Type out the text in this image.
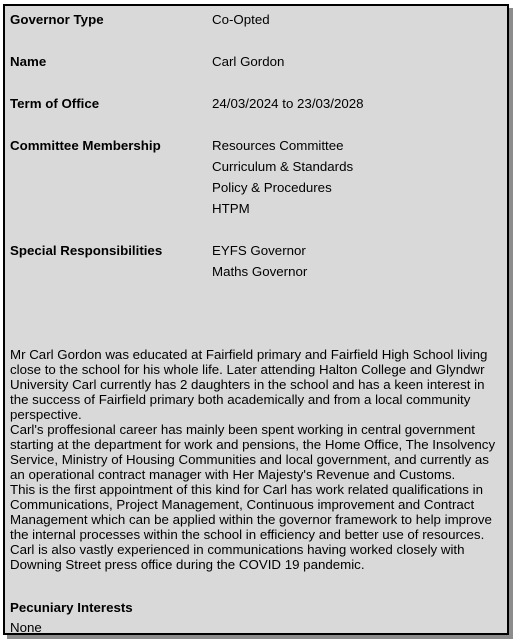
Governor Type	Co-Opted
Name	Carl Gordon
Term of Office	24/03/2024 to 23/03/2028
Committee Membership	Resources Committee
Curriculum & Standards
Policy & Procedures
HTPM
Special Responsibilities	EYFS Governor
Maths Governor

Mr Carl Gordon was educated at Fairfield primary and Fairfield High School living close to the school for his whole life. Later attending Halton College and Glyndwr University Carl currently has 2 daughters in the school and has a keen interest in the success of Fairfield primary both academically and from a local community perspective.

Carl's proffesional career has mainly been spent working in central government starting at the department for work and pensions, the Home Office, The Insolvency Service, Ministry of Housing Communities and local government, and currently as an operational contract manager with Her Majesty's Revenue and Customs.

This is the first appointment of this kind for Carl has work related qualifications in Communications, Project Management, Continuous improvement and Contract Management which can be applied within the governor framework to help improve the internal processes within the school in efficiency and better use of resources.

Carl is also vastly experienced in communications having worked closely with Downing Street press office during the COVID 19 pandemic.

Pecuniary Interests
None
